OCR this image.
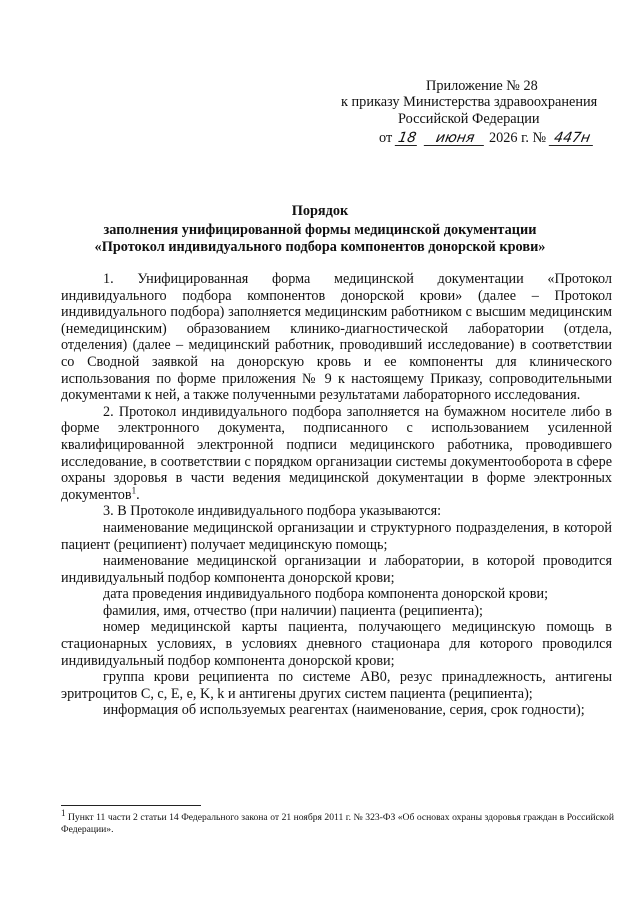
Приложение № 28
к приказу Министерства здравоохранения
Российской Федерации
от 18 июня 2026 г. № 447н
Порядок
заполнения унифицированной формы медицинской документации
«Протокол индивидуального подбора компонентов донорской крови»

1. Унифицированная форма медицинской документации «Протокол индивидуального подбора компонентов донорской крови» (далее – Протокол индивидуального подбора) заполняется медицинским работником с высшим медицинским (немедицинским) образованием клинико-диагностической лаборатории (отдела, отделения) (далее – медицинский работник, проводивший исследование) в соответствии со Сводной заявкой на донорскую кровь и ее компоненты для клинического использования по форме приложения № 9 к настоящему Приказу, сопроводительными документами к ней, а также полученными результатами лабораторного исследования.

2. Протокол индивидуального подбора заполняется на бумажном носителе либо в форме электронного документа, подписанного с использованием усиленной квалифицированной электронной подписи медицинского работника, проводившего исследование, в соответствии с порядком организации системы документооборота в сфере охраны здоровья в части ведения медицинской документации в форме электронных документов$^1$.

3. В Протоколе индивидуального подбора указываются:

наименование медицинской организации и структурного подразделения, в которой пациент (реципиент) получает медицинскую помощь;

наименование медицинской организации и лаборатории, в которой проводится индивидуальный подбор компонента донорской крови;

дата проведения индивидуального подбора компонента донорской крови;

фамилия, имя, отчество (при наличии) пациента (реципиента);

номер медицинской карты пациента, получающего медицинскую помощь в стационарных условиях, в условиях дневного стационара для которого проводился индивидуальный подбор компонента донорской крови;

группа крови реципиента по системе АВ0, резус принадлежность, антигены эритроцитов C, c, E, e, K, k и антигены других систем пациента (реципиента);

информация об используемых реагентах (наименование, серия, срок годности);

$^1$ Пункт 11 части 2 статьи 14 Федерального закона от 21 ноября 2011 г. № 323-ФЗ «Об основах охраны здоровья граждан в Российской Федерации».
